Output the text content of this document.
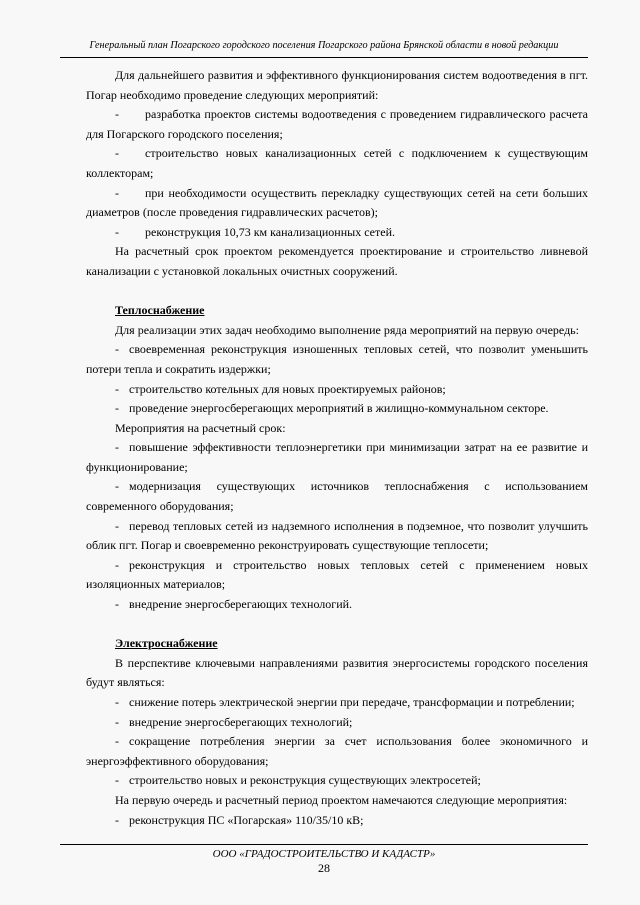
Генеральный план Погарского городского поселения Погарского района Брянской области в новой редакции

Для дальнейшего развития и эффективного функционирования систем водоотведения в пгт. Погар необходимо проведение следующих мероприятий:

- разработка проектов системы водоотведения с проведением гидравлического расчета для Погарского городского поселения;

- строительство новых канализационных сетей с подключением к существующим коллекторам;

- при необходимости осуществить перекладку существующих сетей на сети больших диаметров (после проведения гидравлических расчетов);

- реконструкция 10,73 км канализационных сетей.

На расчетный срок проектом рекомендуется проектирование и строительство ливневой канализации с установкой локальных очистных сооружений.

Теплоснабжение

Для реализации этих задач необходимо выполнение ряда мероприятий на первую очередь:

- своевременная реконструкция изношенных тепловых сетей, что позволит уменьшить потери тепла и сократить издержки;

- строительство котельных для новых проектируемых районов;

- проведение энергосберегающих мероприятий в жилищно-коммунальном секторе.

Мероприятия на расчетный срок:

- повышение эффективности теплоэнергетики при минимизации затрат на ее развитие и функционирование;

- модернизация существующих источников теплоснабжения с использованием современного оборудования;

- перевод тепловых сетей из надземного исполнения в подземное, что позволит улучшить облик пгт. Погар и своевременно реконструировать существующие теплосети;

- реконструкция и строительство новых тепловых сетей с применением новых изоляционных материалов;

- внедрение энергосберегающих технологий.

Электроснабжение

В перспективе ключевыми направлениями развития энергосистемы городского поселения будут являться:

- снижение потерь электрической энергии при передаче, трансформации и потреблении;

- внедрение энергосберегающих технологий;

- сокращение потребления энергии за счет использования более экономичного и энергоэффективного оборудования;

- строительство новых и реконструкция существующих электросетей;

На первую очередь и расчетный период проектом намечаются следующие мероприятия:

- реконструкция ПС «Погарская» 110/35/10 кВ;

ООО «ГРАДОСТРОИТЕЛЬСТВО И КАДАСТР»
28
